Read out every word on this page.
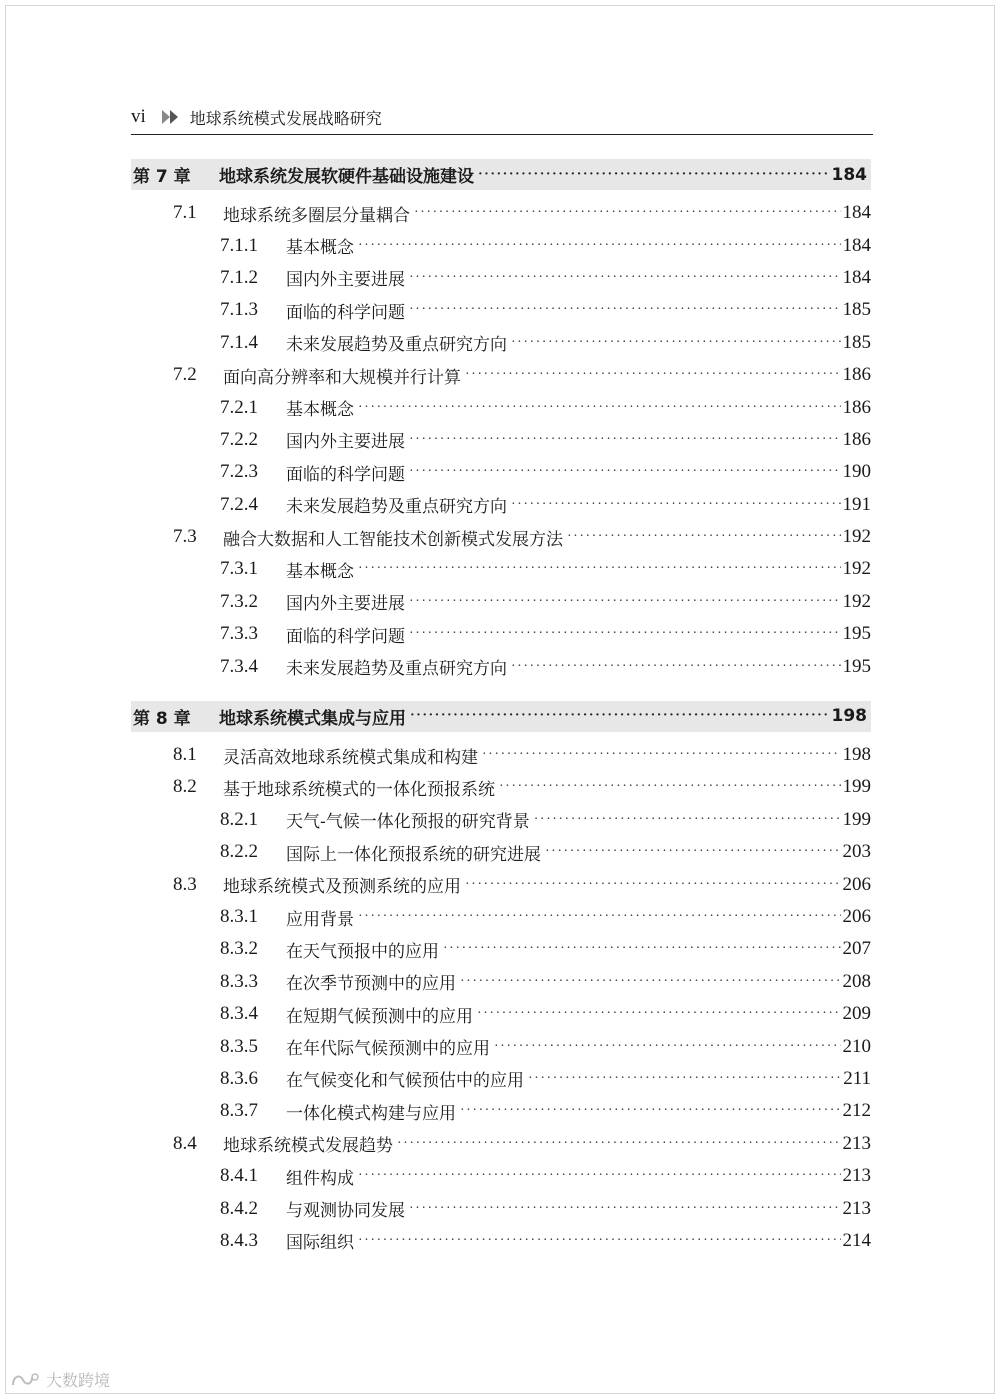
vi	地球系统模式发展战略研究
第 7 章	地球系统发展软硬件基础设施建设 ·····	184
7.1	地球系统多圈层分量耦合 ·····	184
7.1.1	基本概念 ·····	184
7.1.2	国内外主要进展 ·····	184
7.1.3	面临的科学问题 ·····	185
7.1.4	未来发展趋势及重点研究方向 ·····	185
7.2	面向高分辨率和大规模并行计算 ·····	186
7.2.1	基本概念 ·····	186
7.2.2	国内外主要进展 ·····	186
7.2.3	面临的科学问题 ·····	190
7.2.4	未来发展趋势及重点研究方向 ·····	191
7.3	融合大数据和人工智能技术创新模式发展方法 ·····	192
7.3.1	基本概念 ·····	192
7.3.2	国内外主要进展 ·····	192
7.3.3	面临的科学问题 ·····	195
7.3.4	未来发展趋势及重点研究方向 ·····	195
第 8 章	地球系统模式集成与应用 ·····	198
8.1	灵活高效地球系统模式集成和构建 ·····	198
8.2	基于地球系统模式的一体化预报系统 ·····	199
8.2.1	天气-气候一体化预报的研究背景 ·····	199
8.2.2	国际上一体化预报系统的研究进展 ·····	203
8.3	地球系统模式及预测系统的应用 ·····	206
8.3.1	应用背景 ·····	206
8.3.2	在天气预报中的应用 ·····	207
8.3.3	在次季节预测中的应用 ·····	208
8.3.4	在短期气候预测中的应用 ·····	209
8.3.5	在年代际气候预测中的应用 ·····	210
8.3.6	在气候变化和气候预估中的应用 ·····	211
8.3.7	一体化模式构建与应用 ·····	212
8.4	地球系统模式发展趋势 ·····	213
8.4.1	组件构成 ·····	213
8.4.2	与观测协同发展 ·····	213
8.4.3	国际组织 ·····	214
大数跨境
